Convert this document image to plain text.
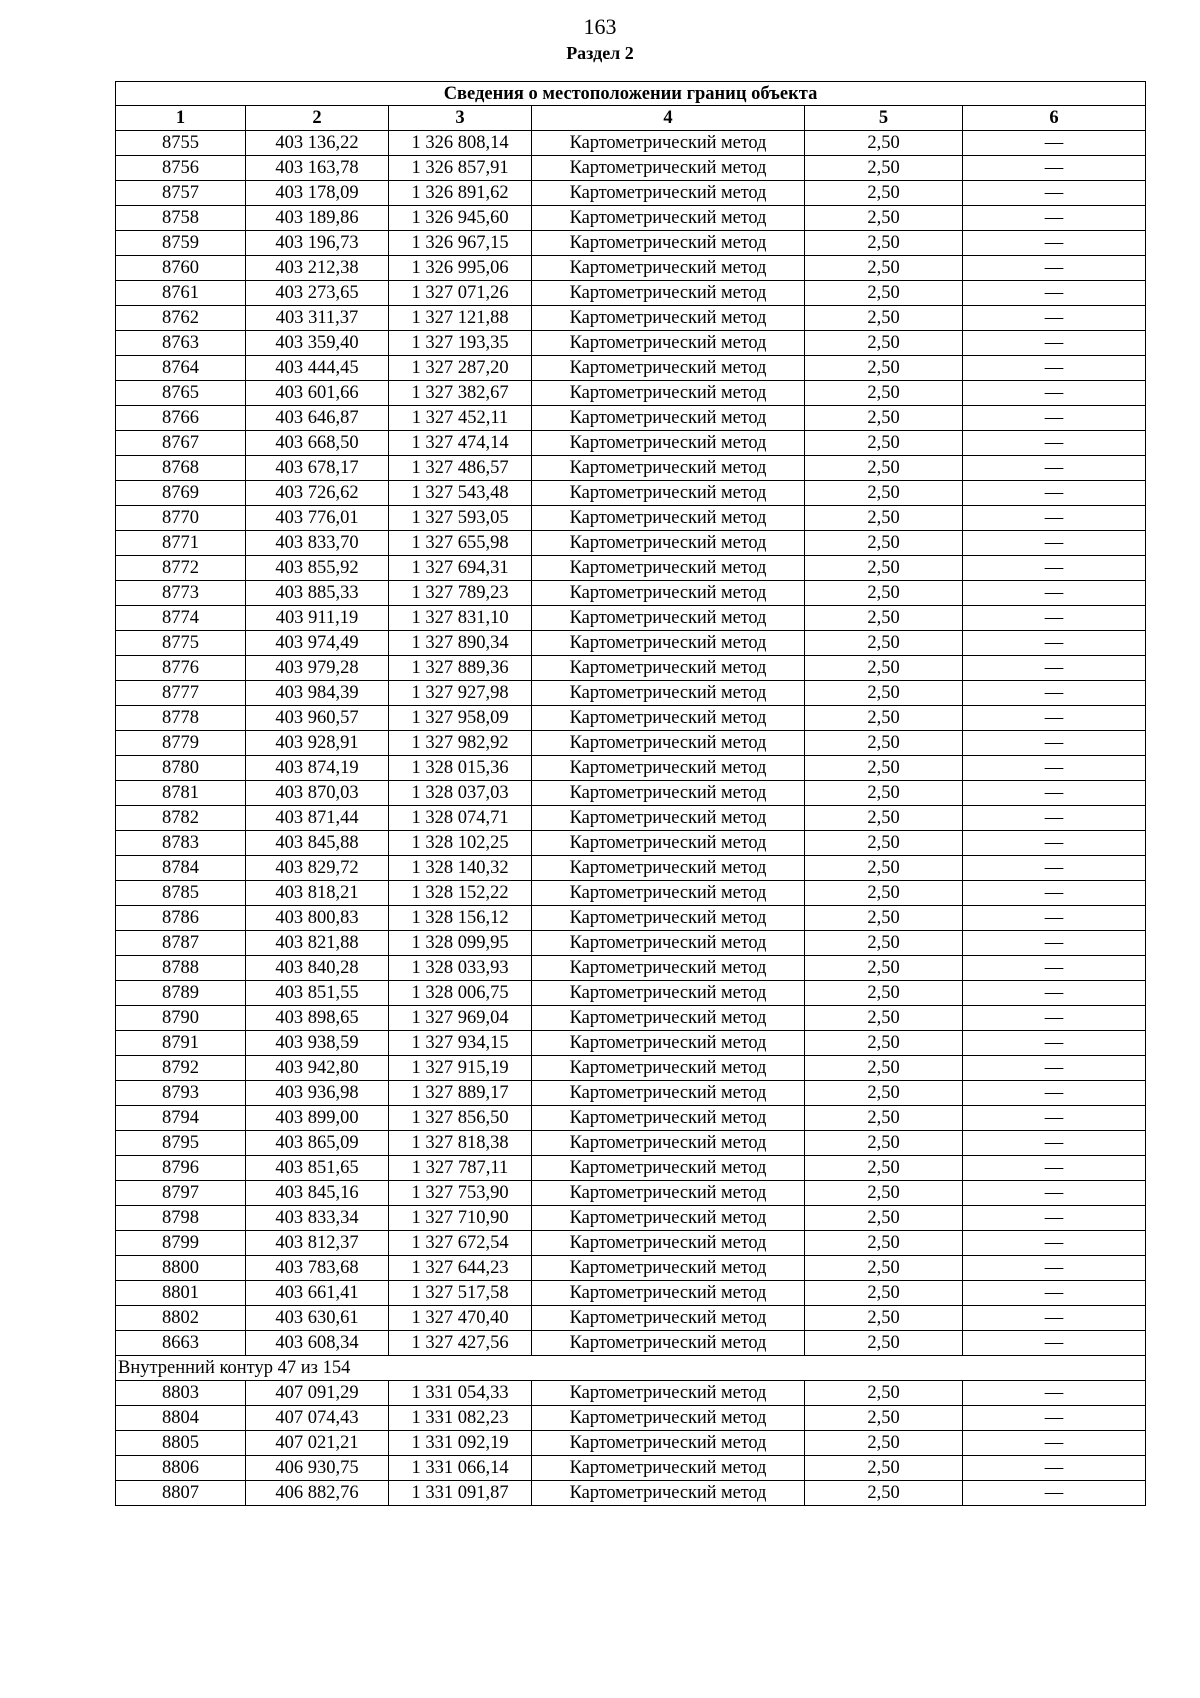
163
Раздел 2
Сведения о местоположении границ объекта					
1	2	3	4	5	6
8755	403 136,22	1 326 808,14	Картометрический метод	2,50	—
8756	403 163,78	1 326 857,91	Картометрический метод	2,50	—
8757	403 178,09	1 326 891,62	Картометрический метод	2,50	—
8758	403 189,86	1 326 945,60	Картометрический метод	2,50	—
8759	403 196,73	1 326 967,15	Картометрический метод	2,50	—
8760	403 212,38	1 326 995,06	Картометрический метод	2,50	—
8761	403 273,65	1 327 071,26	Картометрический метод	2,50	—
8762	403 311,37	1 327 121,88	Картометрический метод	2,50	—
8763	403 359,40	1 327 193,35	Картометрический метод	2,50	—
8764	403 444,45	1 327 287,20	Картометрический метод	2,50	—
8765	403 601,66	1 327 382,67	Картометрический метод	2,50	—
8766	403 646,87	1 327 452,11	Картометрический метод	2,50	—
8767	403 668,50	1 327 474,14	Картометрический метод	2,50	—
8768	403 678,17	1 327 486,57	Картометрический метод	2,50	—
8769	403 726,62	1 327 543,48	Картометрический метод	2,50	—
8770	403 776,01	1 327 593,05	Картометрический метод	2,50	—
8771	403 833,70	1 327 655,98	Картометрический метод	2,50	—
8772	403 855,92	1 327 694,31	Картометрический метод	2,50	—
8773	403 885,33	1 327 789,23	Картометрический метод	2,50	—
8774	403 911,19	1 327 831,10	Картометрический метод	2,50	—
8775	403 974,49	1 327 890,34	Картометрический метод	2,50	—
8776	403 979,28	1 327 889,36	Картометрический метод	2,50	—
8777	403 984,39	1 327 927,98	Картометрический метод	2,50	—
8778	403 960,57	1 327 958,09	Картометрический метод	2,50	—
8779	403 928,91	1 327 982,92	Картометрический метод	2,50	—
8780	403 874,19	1 328 015,36	Картометрический метод	2,50	—
8781	403 870,03	1 328 037,03	Картометрический метод	2,50	—
8782	403 871,44	1 328 074,71	Картометрический метод	2,50	—
8783	403 845,88	1 328 102,25	Картометрический метод	2,50	—
8784	403 829,72	1 328 140,32	Картометрический метод	2,50	—
8785	403 818,21	1 328 152,22	Картометрический метод	2,50	—
8786	403 800,83	1 328 156,12	Картометрический метод	2,50	—
8787	403 821,88	1 328 099,95	Картометрический метод	2,50	—
8788	403 840,28	1 328 033,93	Картометрический метод	2,50	—
8789	403 851,55	1 328 006,75	Картометрический метод	2,50	—
8790	403 898,65	1 327 969,04	Картометрический метод	2,50	—
8791	403 938,59	1 327 934,15	Картометрический метод	2,50	—
8792	403 942,80	1 327 915,19	Картометрический метод	2,50	—
8793	403 936,98	1 327 889,17	Картометрический метод	2,50	—
8794	403 899,00	1 327 856,50	Картометрический метод	2,50	—
8795	403 865,09	1 327 818,38	Картометрический метод	2,50	—
8796	403 851,65	1 327 787,11	Картометрический метод	2,50	—
8797	403 845,16	1 327 753,90	Картометрический метод	2,50	—
8798	403 833,34	1 327 710,90	Картометрический метод	2,50	—
8799	403 812,37	1 327 672,54	Картометрический метод	2,50	—
8800	403 783,68	1 327 644,23	Картометрический метод	2,50	—
8801	403 661,41	1 327 517,58	Картометрический метод	2,50	—
8802	403 630,61	1 327 470,40	Картометрический метод	2,50	—
8663	403 608,34	1 327 427,56	Картометрический метод	2,50	—
Внутренний контур 47 из 154					
8803	407 091,29	1 331 054,33	Картометрический метод	2,50	—
8804	407 074,43	1 331 082,23	Картометрический метод	2,50	—
8805	407 021,21	1 331 092,19	Картометрический метод	2,50	—
8806	406 930,75	1 331 066,14	Картометрический метод	2,50	—
8807	406 882,76	1 331 091,87	Картометрический метод	2,50	—
